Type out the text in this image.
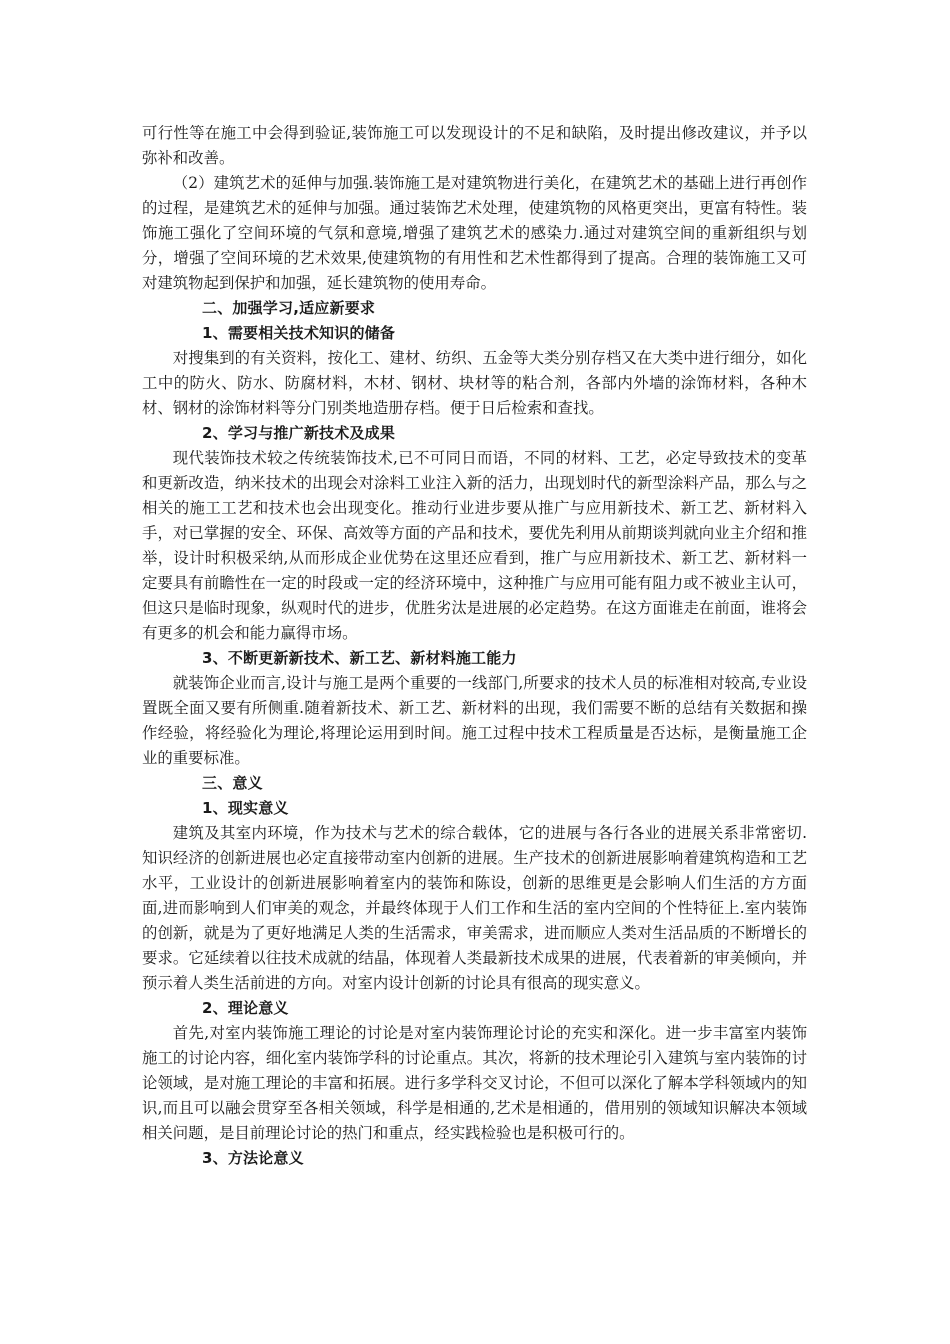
可行性等在施工中会得到验证,装饰施工可以发现设计的不足和缺陷，及时提出修改建议，并予以弥补和改善。

（2）建筑艺术的延伸与加强.装饰施工是对建筑物进行美化，在建筑艺术的基础上进行再创作的过程，是建筑艺术的延伸与加强。通过装饰艺术处理，使建筑物的风格更突出，更富有特性。装饰施工强化了空间环境的气氛和意境,增强了建筑艺术的感染力.通过对建筑空间的重新组织与划分，增强了空间环境的艺术效果,使建筑物的有用性和艺术性都得到了提高。合理的装饰施工又可对建筑物起到保护和加强，延长建筑物的使用寿命。

二、加强学习,适应新要求

1、需要相关技术知识的储备

对搜集到的有关资料，按化工、建材、纺织、五金等大类分别存档又在大类中进行细分，如化工中的防火、防水、防腐材料，木材、钢材、块材等的粘合剂，各部内外墙的涂饰材料，各种木材、钢材的涂饰材料等分门别类地造册存档。便于日后检索和查找。

2、学习与推广新技术及成果

现代装饰技术较之传统装饰技术,已不可同日而语，不同的材料、工艺，必定导致技术的变革和更新改造，纳米技术的出现会对涂料工业注入新的活力，出现划时代的新型涂料产品，那么与之相关的施工工艺和技术也会出现变化。推动行业进步要从推广与应用新技术、新工艺、新材料入手，对已掌握的安全、环保、高效等方面的产品和技术，要优先利用从前期谈判就向业主介绍和推举，设计时积极采纳,从而形成企业优势在这里还应看到，推广与应用新技术、新工艺、新材料一定要具有前瞻性在一定的时段或一定的经济环境中，这种推广与应用可能有阻力或不被业主认可，但这只是临时现象，纵观时代的进步，优胜劣汰是进展的必定趋势。在这方面谁走在前面，谁将会有更多的机会和能力赢得市场。

3、不断更新新技术、新工艺、新材料施工能力

就装饰企业而言,设计与施工是两个重要的一线部门,所要求的技术人员的标准相对较高,专业设置既全面又要有所侧重.随着新技术、新工艺、新材料的出现，我们需要不断的总结有关数据和操作经验，将经验化为理论,将理论运用到时间。施工过程中技术工程质量是否达标，是衡量施工企业的重要标准。

三、意义

1、现实意义

建筑及其室内环境，作为技术与艺术的综合载体，它的进展与各行各业的进展关系非常密切.知识经济的创新进展也必定直接带动室内创新的进展。生产技术的创新进展影响着建筑构造和工艺水平，工业设计的创新进展影响着室内的装饰和陈设，创新的思维更是会影响人们生活的方方面面,进而影响到人们审美的观念，并最终体现于人们工作和生活的室内空间的个性特征上.室内装饰的创新，就是为了更好地满足人类的生活需求，审美需求，进而顺应人类对生活品质的不断增长的要求。它延续着以往技术成就的结晶，体现着人类最新技术成果的进展，代表着新的审美倾向，并预示着人类生活前进的方向。对室内设计创新的讨论具有很高的现实意义。

2、理论意义

首先,对室内装饰施工理论的讨论是对室内装饰理论讨论的充实和深化。进一步丰富室内装饰施工的讨论内容，细化室内装饰学科的讨论重点。其次，将新的技术理论引入建筑与室内装饰的讨论领域，是对施工理论的丰富和拓展。进行多学科交叉讨论，不但可以深化了解本学科领域内的知识,而且可以融会贯穿至各相关领域，科学是相通的,艺术是相通的，借用别的领域知识解决本领域相关问题，是目前理论讨论的热门和重点，经实践检验也是积极可行的。

3、方法论意义
